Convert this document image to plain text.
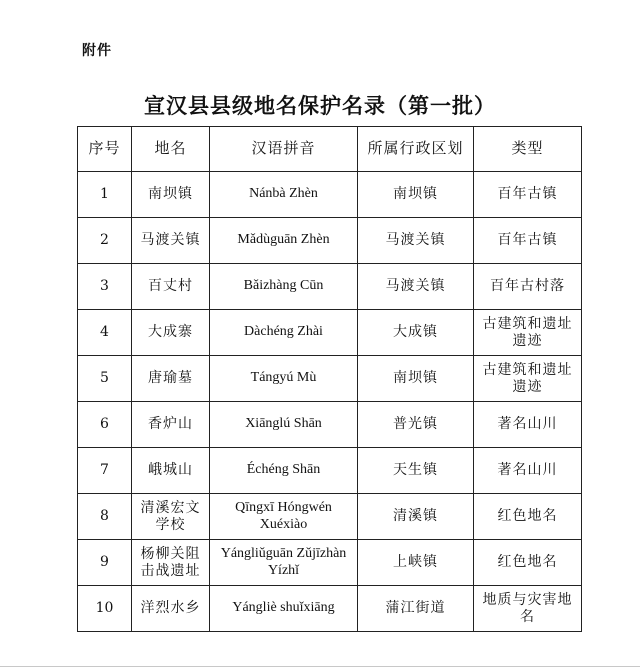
附件
宣汉县县级地名保护名录（第一批）
序号	地名	汉语拼音	所属行政区划	类型
1	南坝镇	Nánbà Zhèn	南坝镇	百年古镇
2	马渡关镇	Mǎdùguān Zhèn	马渡关镇	百年古镇
3	百丈村	Bǎizhàng Cūn	马渡关镇	百年古村落
4	大成寨	Dàchéng Zhài	大成镇	古建筑和遗址遗迹
5	唐瑜墓	Tángyú Mù	南坝镇	古建筑和遗址遗迹
6	香炉山	Xiānglú Shān	普光镇	著名山川
7	峨城山	Échéng Shān	天生镇	著名山川
8	清溪宏文学校	Qīngxī Hóngwén Xuéxiào	清溪镇	红色地名
9	杨柳关阻击战遗址	Yángliǔguān Zǔjīzhàn Yízhǐ	上峡镇	红色地名
10	洋烈水乡	Yángliè shuǐxiāng	蒲江街道	地质与灾害地名
